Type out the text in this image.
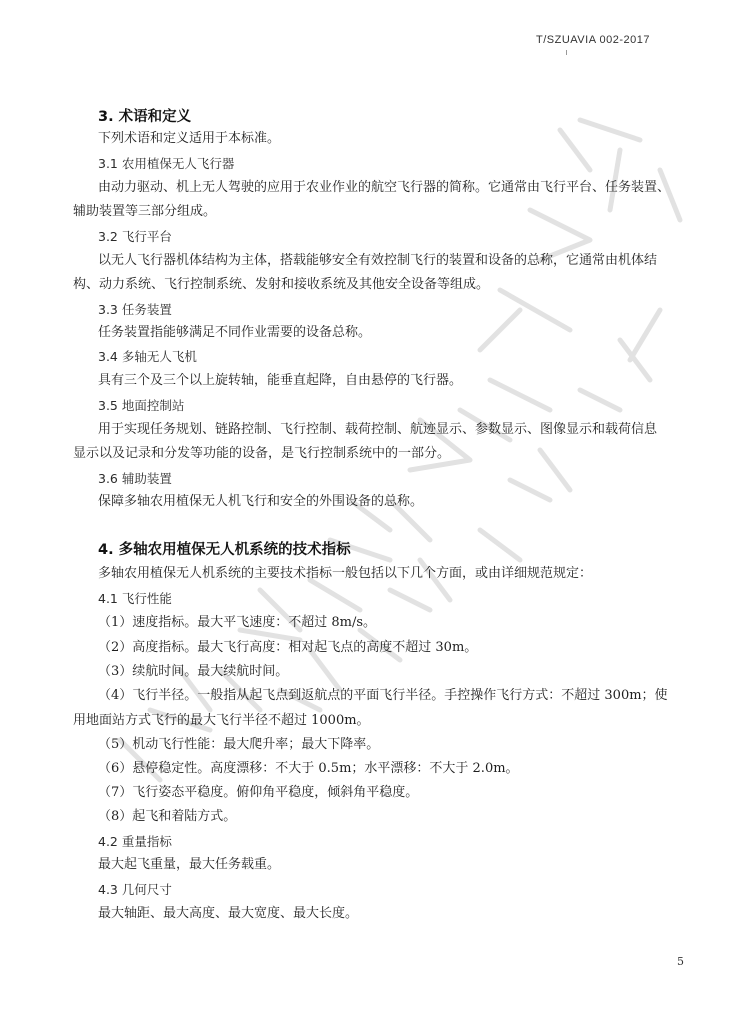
T/SZUAVIA 002-2017
3. 术语和定义
下列术语和定义适用于本标准。
3.1 农用植保无人飞行器
由动力驱动、机上无人驾驶的应用于农业作业的航空飞行器的简称。它通常由飞行平台、任务装置、
辅助装置等三部分组成。
3.2 飞行平台
以无人飞行器机体结构为主体，搭载能够安全有效控制飞行的装置和设备的总称，它通常由机体结
构、动力系统、飞行控制系统、发射和接收系统及其他安全设备等组成。
3.3 任务装置
任务装置指能够满足不同作业需要的设备总称。
3.4 多轴无人飞机
具有三个及三个以上旋转轴，能垂直起降，自由悬停的飞行器。
3.5 地面控制站
用于实现任务规划、链路控制、飞行控制、载荷控制、航迹显示、参数显示、图像显示和载荷信息
显示以及记录和分发等功能的设备，是飞行控制系统中的一部分。
3.6 辅助装置
保障多轴农用植保无人机飞行和安全的外围设备的总称。
4. 多轴农用植保无人机系统的技术指标
多轴农用植保无人机系统的主要技术指标一般包括以下几个方面，或由详细规范规定：
4.1 飞行性能
（1）速度指标。最大平飞速度：不超过 8m/s。
（2）高度指标。最大飞行高度：相对起飞点的高度不超过 30m。
（3）续航时间。最大续航时间。
（4）飞行半径。一般指从起飞点到返航点的平面飞行半径。手控操作飞行方式：不超过 300m；使
用地面站方式飞行的最大飞行半径不超过 1000m。
（5）机动飞行性能：最大爬升率；最大下降率。
（6）悬停稳定性。高度漂移：不大于 0.5m；水平漂移：不大于 2.0m。
（7）飞行姿态平稳度。俯仰角平稳度，倾斜角平稳度。
（8）起飞和着陆方式。
4.2 重量指标
最大起飞重量，最大任务载重。
4.3 几何尺寸
最大轴距、最大高度、最大宽度、最大长度。
5
